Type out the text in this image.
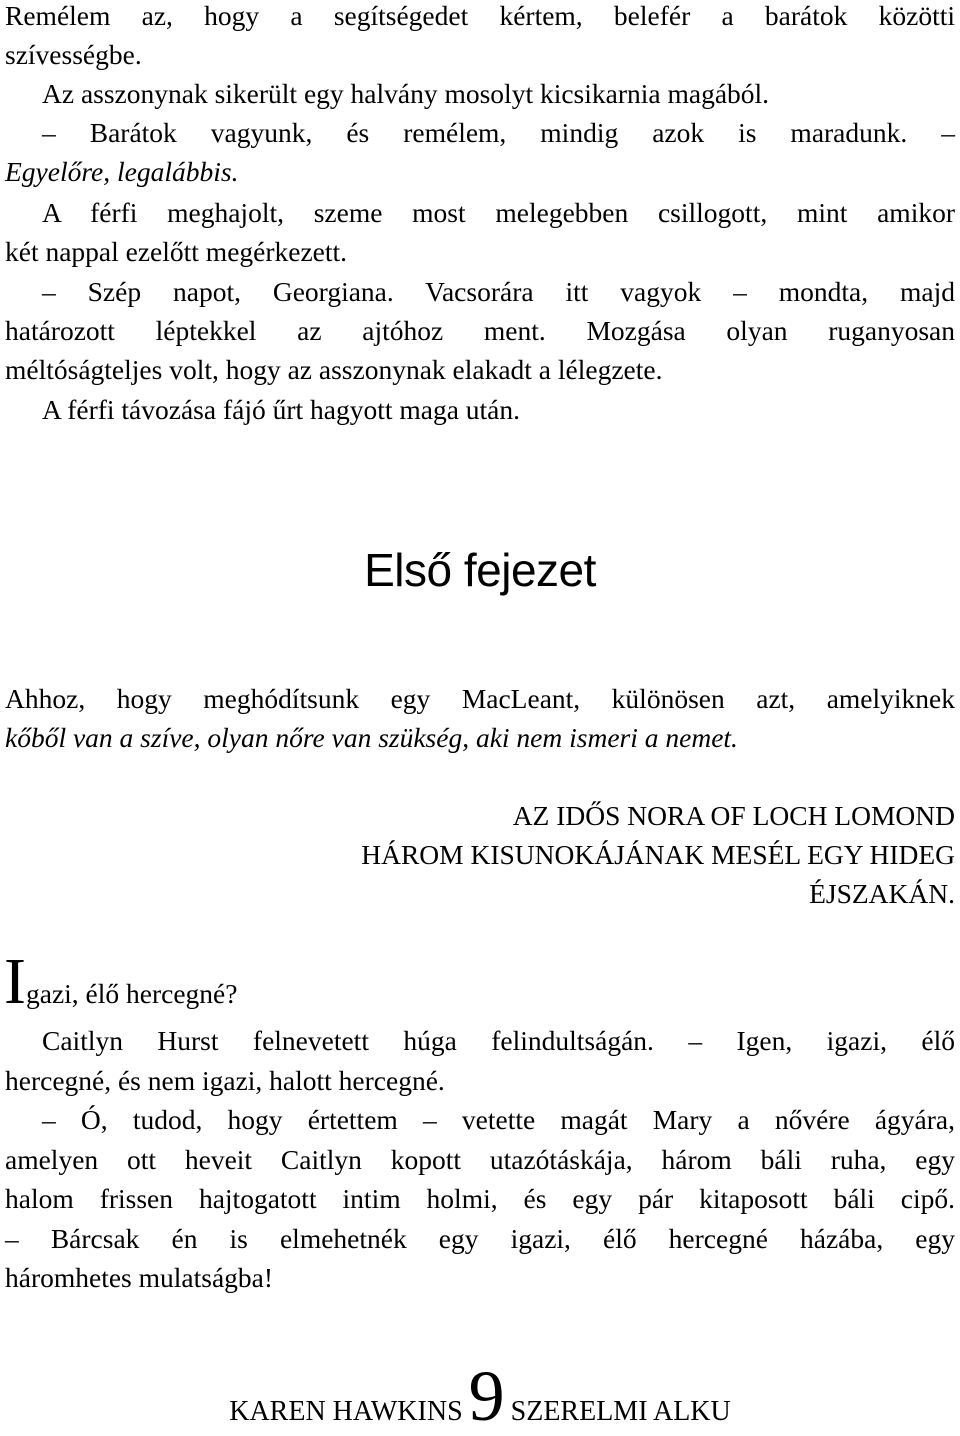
Remélem az, hogy a segítségedet kértem, belefér a barátok közötti

szívességbe.

Az asszonynak sikerült egy halvány mosolyt kicsikarnia magából.

– Barátok vagyunk, és remélem, mindig azok is maradunk. –

Egyelőre, legalábbis.

A férfi meghajolt, szeme most melegebben csillogott, mint amikor

két nappal ezelőtt megérkezett.

– Szép napot, Georgiana. Vacsorára itt vagyok – mondta, majd

határozott léptekkel az ajtóhoz ment. Mozgása olyan ruganyosan

méltóságteljes volt, hogy az asszonynak elakadt a lélegzete.

A férfi távozása fájó űrt hagyott maga után.

Első fejezet

Ahhoz, hogy meghódítsunk egy MacLeant, különösen azt, amelyiknek

kőből van a szíve, olyan nőre van szükség, aki nem ismeri a nemet.

AZ IDŐS NORA OF LOCH LOMOND

HÁROM KISUNOKÁJÁNAK MESÉL EGY HIDEG

ÉJSZAKÁN.

Igazi, élő hercegné?

Caitlyn Hurst felnevetett húga felindultságán. – Igen, igazi, élő

hercegné, és nem igazi, halott hercegné.

– Ó, tudod, hogy értettem – vetette magát Mary a nővére ágyára,

amelyen ott heveit Caitlyn kopott utazótáskája, három báli ruha, egy

halom frissen hajtogatott intim holmi, és egy pár kitaposott báli cipő.

– Bárcsak én is elmehetnék egy igazi, élő hercegné házába, egy

háromhetes mulatságba!

KAREN HAWKINS9 SZERELMI ALKU
